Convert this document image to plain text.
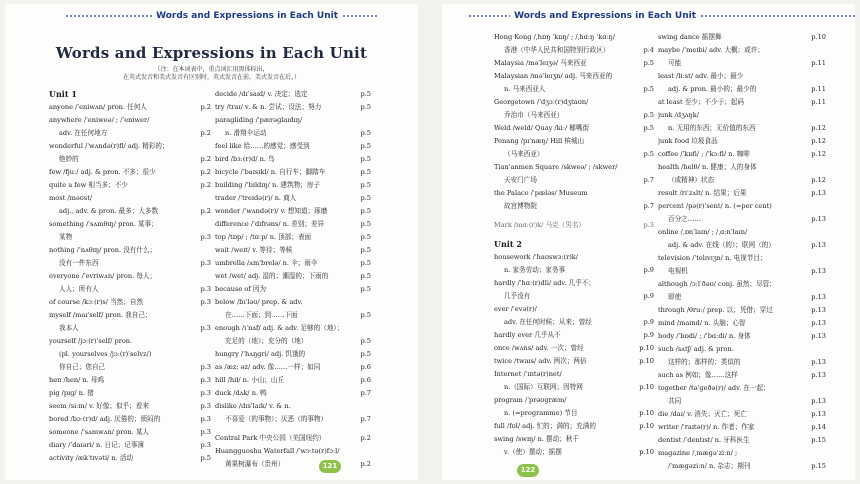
Words and Expressions in Each Unit
Words and Expressions in Each Unit
（注：在本词表中，重点词汇用黑体标出，
在英式发音和美式发音有区别时，英式发音在前，美式发音在后。）
Unit 1
anyone /ˈeniwʌn/ pron. 任何人	p.2
anywhere /ˈeniweə/ ; /ˈeniwer/
adv. 在任何地方	p.2
wonderful /ˈwʌndə(r)fl/ adj. 精彩的；
绝妙的	p.2
few /fjuː/ adj. & pron. 不多；很少	p.2
quite a few 相当多；不少	p.2
most /məʊst/
adj., adv. & pron. 最多；大多数	p.2
something /ˈsʌmθɪŋ/ pron. 某事；
某物	p.3
nothing /ˈnʌθɪŋ/ pron. 没有什么；
没有一件东西	p.3
everyone /ˈevriwʌn/ pron. 每人；
人人；所有人	p.3
of course /kɔː(r)s/ 当然；自然	p.3
myself /maɪˈself/ pron. 我自己；
我本人	p.3
yourself /jɔː(r)ˈself/ pron.
(pl. yourselves /jɔː(r)ˈselvz/)
你自己；您自己	p.3
hen /hen/ n. 母鸡	p.3
pig /pɪɡ/ n. 猪	p.3
seem /siːm/ v. 好像；似乎；看来	p.3
bored /bɔː(r)d/ adj. 厌倦的；烦闷的	p.3
someone /ˈsʌmwʌn/ pron. 某人	p.3
diary /ˈdaɪəri/ n. 日记；记事簿	p.3
activity /ækˈtɪvəti/ n. 活动	p.5
decide /dɪˈsaɪd/ v. 决定；选定	p.5
try /traɪ/ v. & n. 尝试；设法；努力	p.5
paragliding /ˈpærəɡlaɪdɪŋ/
n. 滑翔伞运动	p.5
feel like 给……的感觉；感受到	p.5
bird /bɜː(r)d/ n. 鸟	p.5
bicycle /ˈbaɪsɪkl/ n. 自行车；脚踏车	p.5
building /ˈbɪldɪŋ/ n. 建筑物；房子	p.5
trader /ˈtreɪdə(r)/ n. 商人	p.5
wonder /ˈwʌndə(r)/ v. 想知道；琢磨	p.5
difference /ˈdɪfrəns/ n. 差别；差异	p.5
top /tɒp/ ; /tɑːp/ n. 顶部；表面	p.5
wait /weɪt/ v. 等待；等候	p.5
umbrella /ʌmˈbrelə/ n. 伞；雨伞	p.5
wet /wet/ adj. 湿的；潮湿的；下雨的	p.5
because of 因为	p.5
below /bɪˈləʊ/ prep. & adv.
在……下面；到……下面	p.5
enough /ɪˈnʌf/ adj. & adv. 足够的（地）；
充足的（地）；充分的（地）	p.5
hungry /ˈhʌŋɡri/ adj. 饥饿的	p.5
as /æz; əz/ adv. 像……一样；如同	p.6
hill /hɪl/ n. 小山；山丘	p.6
duck /dʌk/ n. 鸭	p.7
dislike /dɪsˈlaɪk/ v. & n.
不喜爱（的事物）；厌恶（的事物）	p.7
Central Park 中央公园（美国纽约）	p.2
Huangguoshu Waterfall /ˈwɔːtə(r)fɔːl/
黄果树瀑布（贵州）	p.2
121
Words and Expressions in Each Unit
Hong Kong /ˌhɒŋ ˈkɒŋ/ ; /ˌhɑːŋ ˈkɑːŋ/
香港（中华人民共和国特别行政区）	p.4
Malaysia /məˈleɪʒə/ 马来西亚	p.5
Malaysian /məˈleɪʒn/ adj. 马来西亚的
n. 马来西亚人	p.5
Georgetown /ˈdʒɔː(r)dʒtaʊn/
乔治市（马来西亚）	p.5
Weld /weld/ Quay /kiː/ 椰嘴街	p.5
Penang /pɪˈnæŋ/ Hill 槟城山
（马来西亚）	p.5
Tian'anmen Square /skweə/ ; /skwer/
天安门广场	p.7
the Palace /ˈpæləs/ Museum
故宫博物院	p.7
Mark /mɑː(r)k/ 马克（男名）	p.3
Unit 2
housework /ˈhaʊswɜː(r)k/
n. 家务劳动；家务事	p.9
hardly /ˈhɑː(r)dli/ adv. 几乎不；
几乎没有	p.9
ever /ˈevə(r)/
adv. 在任何时候；从来；曾经	p.9
hardly ever 几乎从不	p.9
once /wʌns/ adv. 一次；曾经	p.10
twice /twaɪs/ adv. 两次；两倍	p.10
Internet /ˈɪntə(r)net/
n.（国际）互联网；因特网	p.10
program /ˈprəʊɡræm/
n. (=programme) 节目	p.10
full /fʊl/ adj. 忙的；满的；充满的	p.10
swing /swɪŋ/ n. 摆动；秋千
v.（使）摆动；摇摆	p.10
swing dance 摇摆舞	p.10
maybe /ˈmeɪbi/ adv. 大概；或许；
可能	p.11
least /liːst/ adv. 最小；最少
adj. & pron. 最小的；最少的	p.11
at least 至少；不少于；起码	p.11
junk /dʒʌŋk/
n. 无用的东西；无价值的东西	p.12
junk food 垃圾食品	p.12
coffee /ˈkɒfi/ ; /ˈkɔːfi/ n. 咖啡	p.12
health /helθ/ n. 健康；人的身体
（或精神）状态	p.12
result /rɪˈzʌlt/ n. 结果；后果	p.13
percent /pə(r)ˈsent/ n. (=per cent)
百分之……	p.13
online /ˌɒnˈlaɪn/ ; /ˌɑːnˈlaɪn/
adj. & adv. 在线（的）；联网（的）	p.13
television /ˈtelɪvɪʒn/ n. 电视节目；
电视机	p.13
although /ɔːlˈðəʊ/ conj. 虽然；尽管；
即使	p.13
through /θruː/ prep. 以；凭借；穿过	p.13
mind /maɪnd/ n. 头脑；心智	p.13
body /ˈbɒdi/ ; /ˈbɑːdi/ n. 身体	p.13
such /sʌtʃ/ adj. & pron.
这样的；那样的；类似的	p.13
such as 例如；像……这样	p.13
together /təˈɡeðə(r)/ adv. 在一起；
共同	p.13
die /daɪ/ v. 消失；灭亡；死亡	p.13
writer /ˈraɪtə(r)/ n. 作者；作家	p.14
dentist /ˈdentɪst/ n. 牙科医生	p.15
magazine /ˌmæɡəˈziːn/ ;
/ˈmæɡəziːn/ n. 杂志；期刊	p.15
122
